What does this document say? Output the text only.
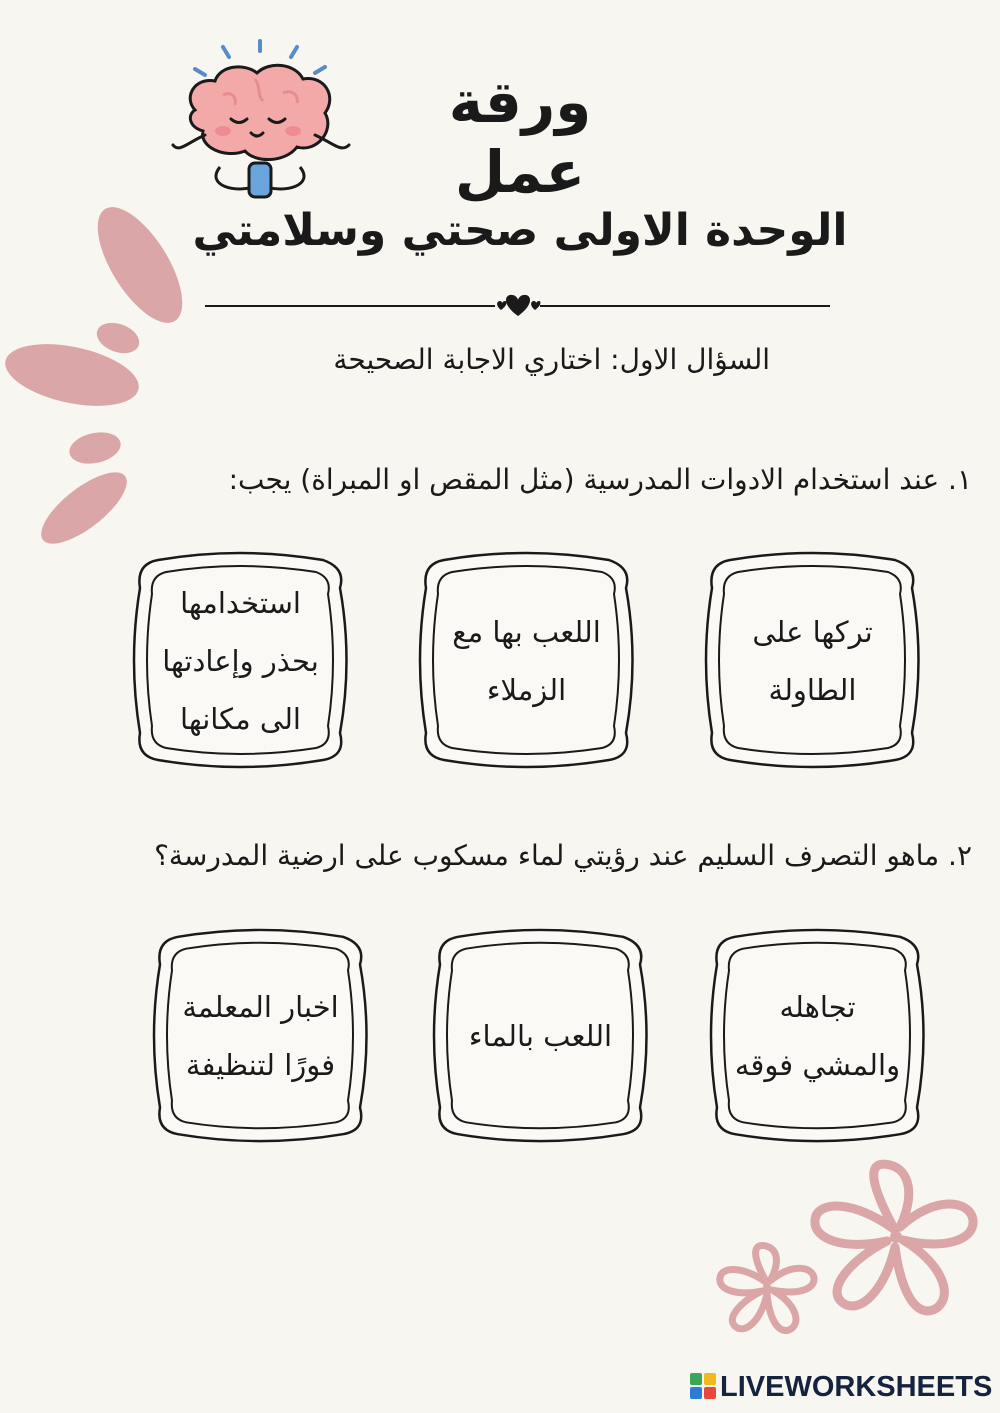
ورقة عمل
الوحدة الاولى صحتي وسلامتي
السؤال الاول: اختاري الاجابة الصحيحة
١. عند استخدام الادوات المدرسية (مثل المقص او المبراة) يجب:
تركها على
الطاولة
اللعب بها مع
الزملاء
استخدامها
بحذر وإعادتها
الى مكانها
٢. ماهو التصرف السليم عند رؤيتي لماء مسكوب على ارضية المدرسة؟
تجاهله
والمشي فوقه
اللعب بالماء
اخبار المعلمة
فورًا لتنظيفة
LIVEWORKSHEETS
